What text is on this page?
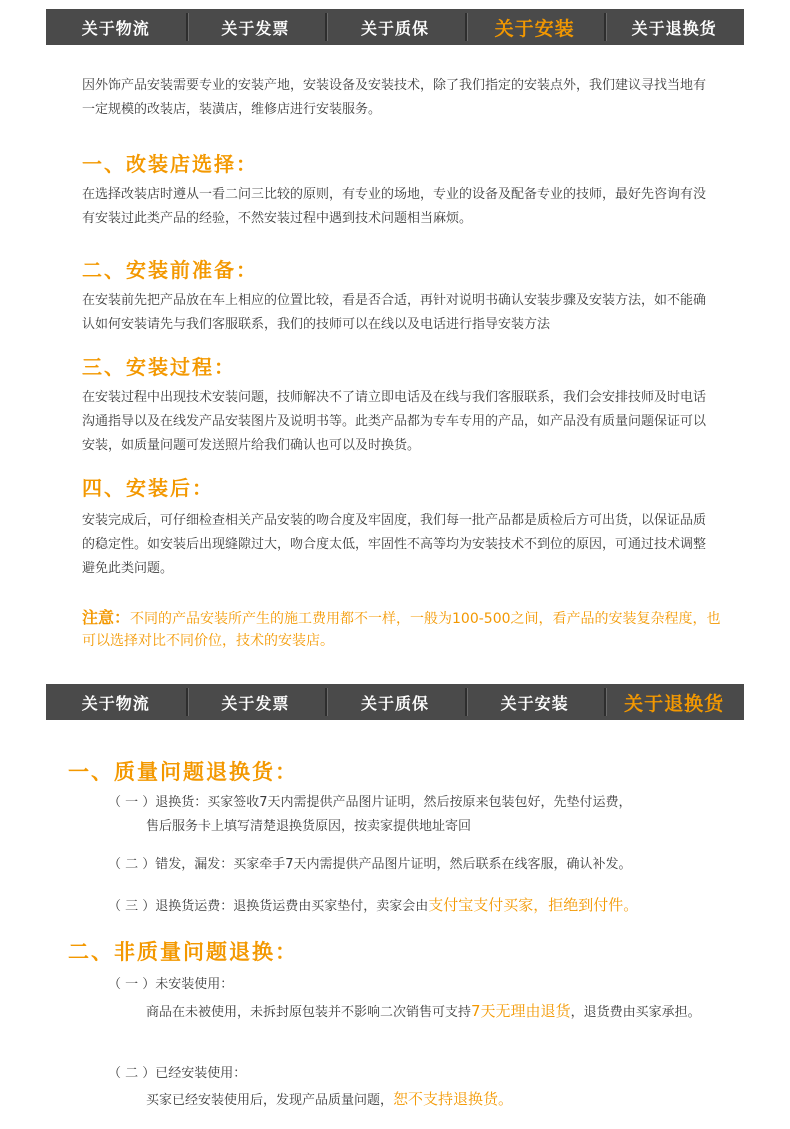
关于物流	关于发票	关于质保	关于安装	关于退换货

因外饰产品安装需要专业的安装产地，安装设备及安装技术，除了我们指定的安装点外，我们建议寻找当地有一定规模的改装店，装潢店，维修店进行安装服务。

一、改装店选择：

在选择改装店时遵从一看二问三比较的原则，有专业的场地，专业的设备及配备专业的技师，最好先咨询有没有安装过此类产品的经验，不然安装过程中遇到技术问题相当麻烦。

二、安装前准备：

在安装前先把产品放在车上相应的位置比较，看是否合适，再针对说明书确认安装步骤及安装方法，如不能确认如何安装请先与我们客服联系，我们的技师可以在线以及电话进行指导安装方法

三、安装过程：

在安装过程中出现技术安装问题，技师解决不了请立即电话及在线与我们客服联系，我们会安排技师及时电话沟通指导以及在线发产品安装图片及说明书等。此类产品都为专车专用的产品，如产品没有质量问题保证可以安装，如质量问题可发送照片给我们确认也可以及时换货。

四、安装后：

安装完成后，可仔细检查相关产品安装的吻合度及牢固度，我们每一批产品都是质检后方可出货，以保证品质的稳定性。如安装后出现缝隙过大，吻合度太低，牢固性不高等均为安装技术不到位的原因，可通过技术调整避免此类问题。

注意：不同的产品安装所产生的施工费用都不一样，一般为100-500之间，看产品的安装复杂程度，也可以选择对比不同价位，技术的安装店。

关于物流	关于发票	关于质保	关于安装	关于退换货
一、质量问题退换货：

（ 一 ）退换货：买家签收7天内需提供产品图片证明，然后按原来包装包好，先垫付运费，

售后服务卡上填写清楚退换货原因，按卖家提供地址寄回

（ 二 ）错发，漏发：买家牵手7天内需提供产品图片证明，然后联系在线客服，确认补发。

（ 三 ）退换货运费：退换货运费由买家垫付，卖家会由支付宝支付买家，拒绝到付件。

二、非质量问题退换：

（ 一 ）未安装使用：

商品在未被使用，未拆封原包装并不影响二次销售可支持7天无理由退货，退货费由买家承担。

（ 二 ）已经安装使用：

买家已经安装使用后，发现产品质量问题，恕不支持退换货。
